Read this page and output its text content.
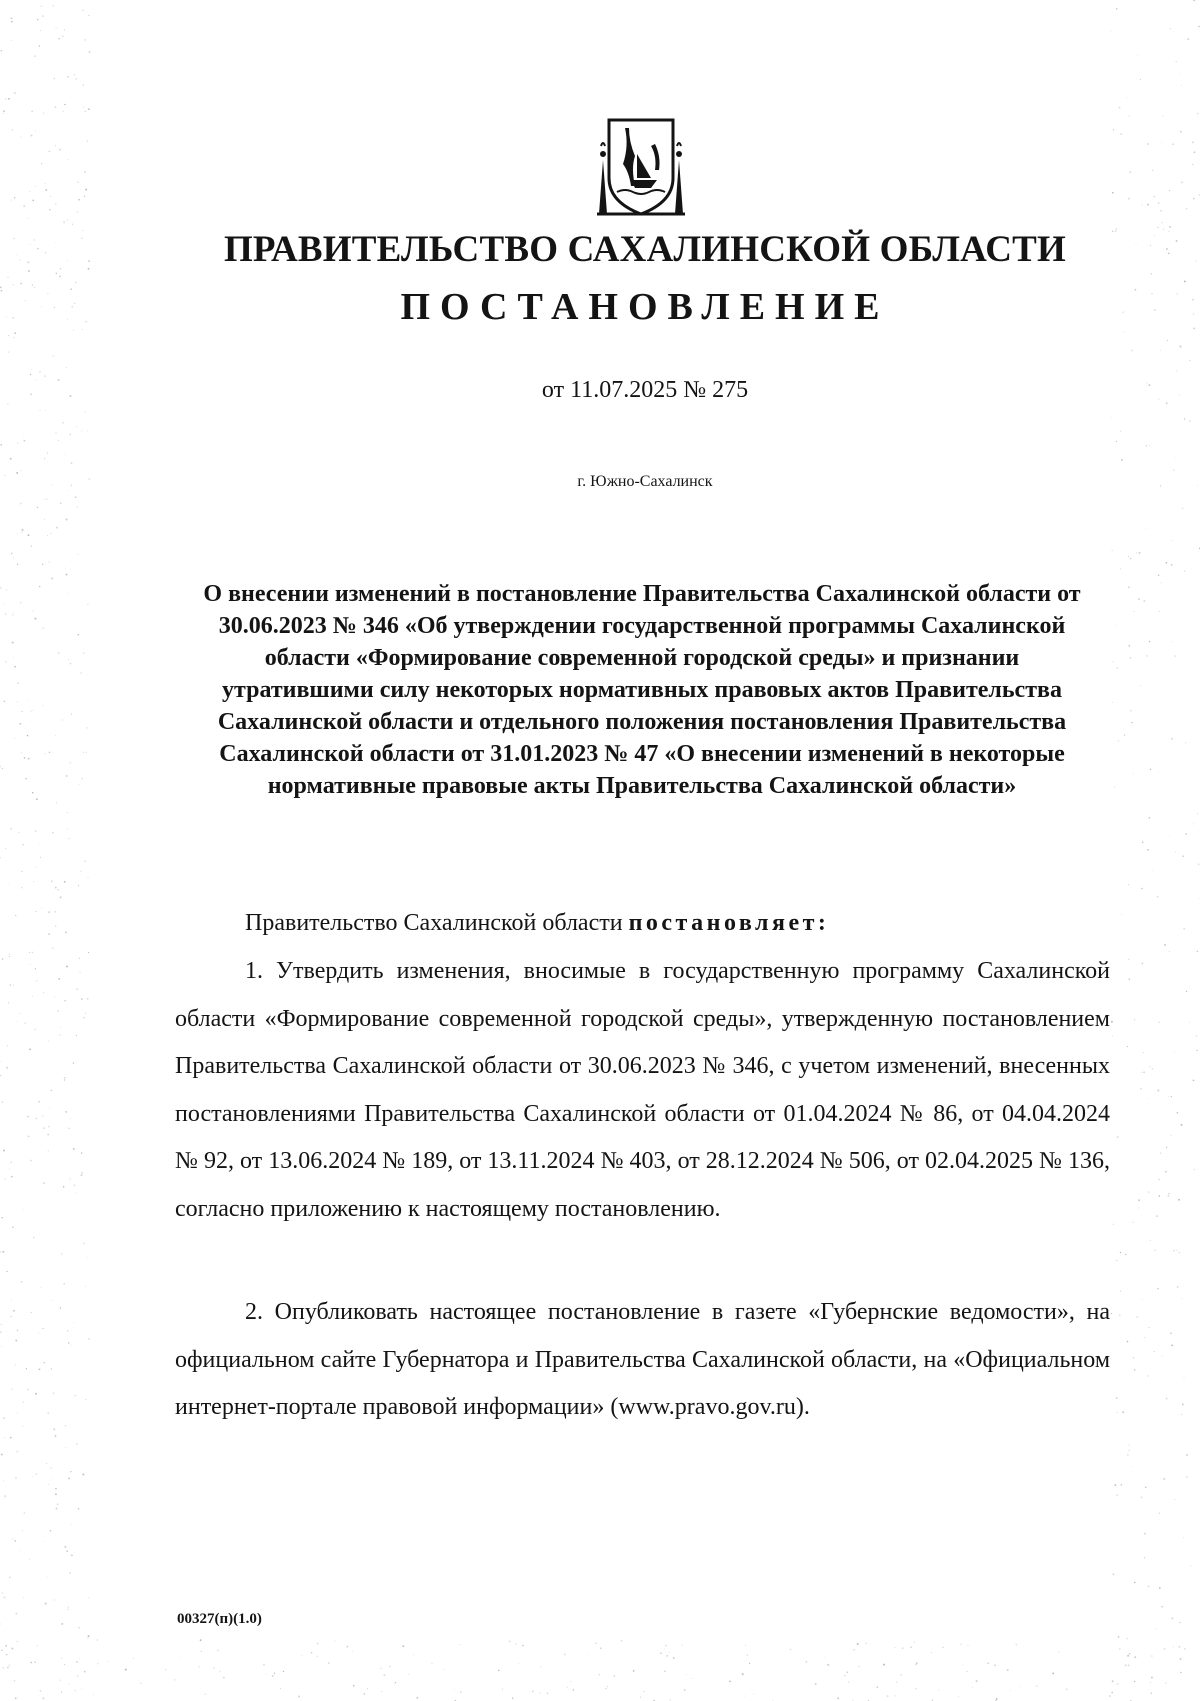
ПРАВИТЕЛЬСТВО САХАЛИНСКОЙ ОБЛАСТИ
ПОСТАНОВЛЕНИЕ

от 11.07.2025 № 275

г. Южно-Сахалинск

О внесении изменений в постановление Правительства Сахалинской области от 30.06.2023 № 346 «Об утверждении государственной программы Сахалинской области «Формирование современной городской среды» и признании утратившими силу некоторых нормативных правовых актов Правительства Сахалинской области и отдельного положения постановления Правительства Сахалинской области от 31.01.2023 № 47 «О внесении изменений в некоторые нормативные правовые акты Правительства Сахалинской области»

Правительство Сахалинской области постановляет:

1. Утвердить изменения, вносимые в государственную программу Сахалинской области «Формирование современной городской среды», утвержденную постановлением Правительства Сахалинской области от 30.06.2023 № 346, с учетом изменений, внесенных постановлениями Правительства Сахалинской области от 01.04.2024 № 86, от 04.04.2024 № 92, от 13.06.2024 № 189, от 13.11.2024 № 403, от 28.12.2024 № 506, от 02.04.2025 № 136, согласно приложению к настоящему постановлению.

2. Опубликовать настоящее постановление в газете «Губернские ведомости», на официальном сайте Губернатора и Правительства Сахалинской области, на «Официальном интернет-портале правовой информации» (www.pravo.gov.ru).

00327(п)(1.0)
